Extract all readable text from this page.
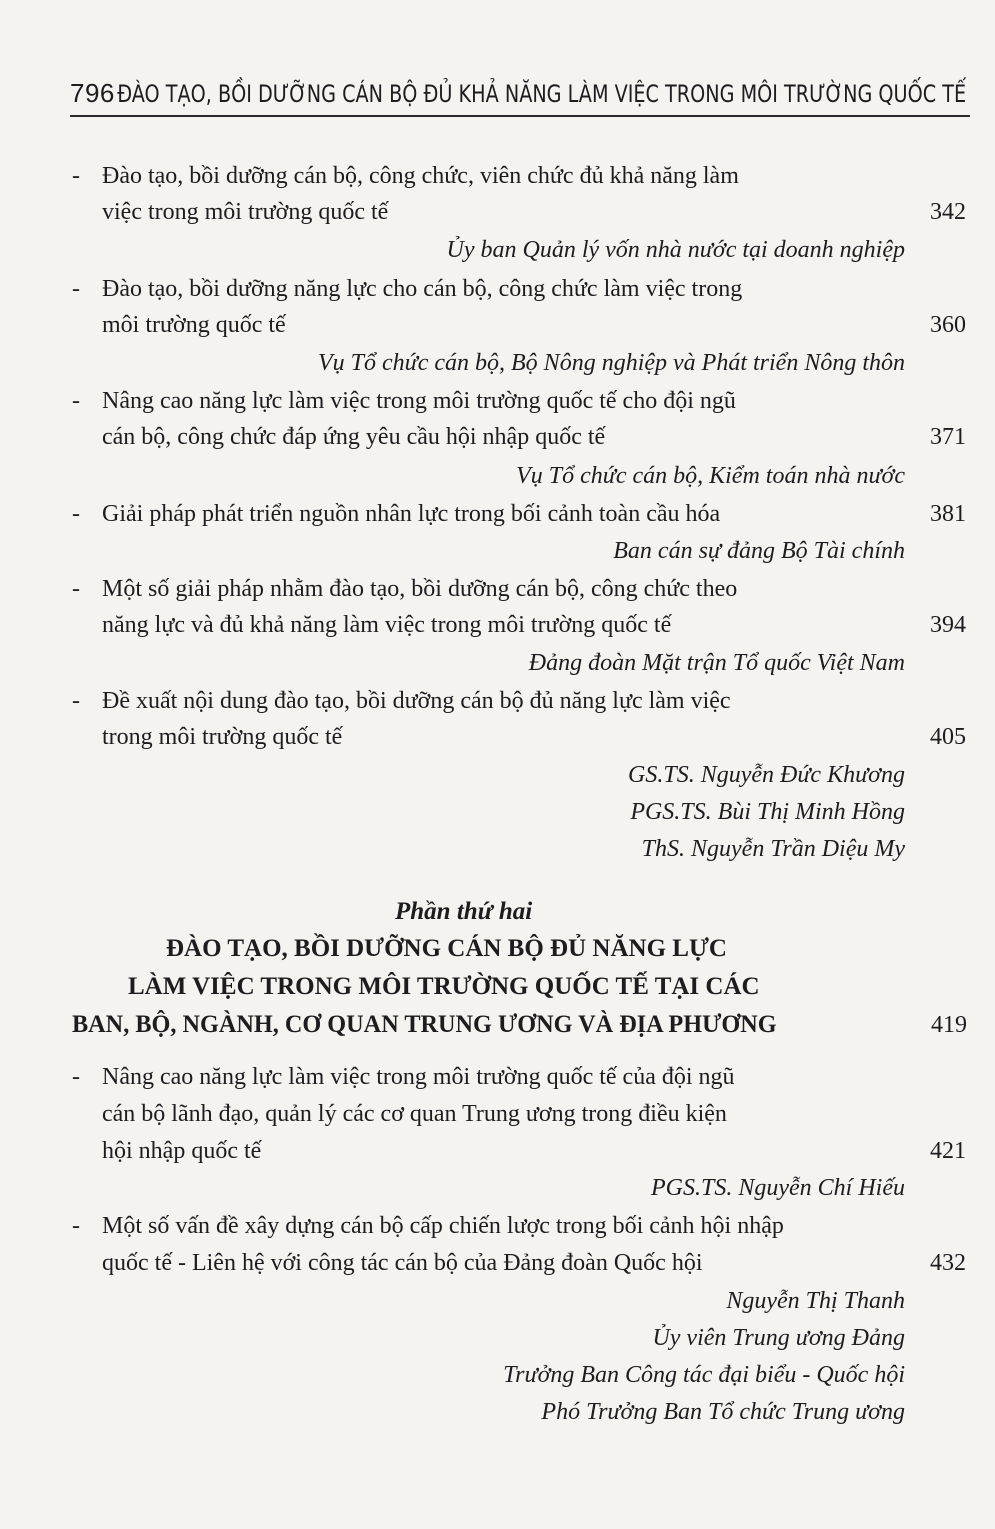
796 ĐÀO TẠO, BỒI DƯỠNG CÁN BỘ ĐỦ KHẢ NĂNG LÀM VIỆC TRONG MÔI TRƯỜNG QUỐC TẾ
- Đào tạo, bồi dưỡng cán bộ, công chức, viên chức đủ khả năng làm
việc trong môi trường quốc tế	342
Ủy ban Quản lý vốn nhà nước tại doanh nghiệp
- Đào tạo, bồi dưỡng năng lực cho cán bộ, công chức làm việc trong
môi trường quốc tế	360
Vụ Tổ chức cán bộ, Bộ Nông nghiệp và Phát triển Nông thôn
- Nâng cao năng lực làm việc trong môi trường quốc tế cho đội ngũ
cán bộ, công chức đáp ứng yêu cầu hội nhập quốc tế	371
Vụ Tổ chức cán bộ, Kiểm toán nhà nước
- Giải pháp phát triển nguồn nhân lực trong bối cảnh toàn cầu hóa	381
Ban cán sự đảng Bộ Tài chính
- Một số giải pháp nhằm đào tạo, bồi dưỡng cán bộ, công chức theo
năng lực và đủ khả năng làm việc trong môi trường quốc tế	394
Đảng đoàn Mặt trận Tổ quốc Việt Nam
- Đề xuất nội dung đào tạo, bồi dưỡng cán bộ đủ năng lực làm việc
trong môi trường quốc tế	405
GS.TS. Nguyễn Đức Khương
PGS.TS. Bùi Thị Minh Hồng
ThS. Nguyễn Trần Diệu My
Phần thứ hai
ĐÀO TẠO, BỒI DƯỠNG CÁN BỘ ĐỦ NĂNG LỰC
LÀM VIỆC TRONG MÔI TRƯỜNG QUỐC TẾ TẠI CÁC
BAN, BỘ, NGÀNH, CƠ QUAN TRUNG ƯƠNG VÀ ĐỊA PHƯƠNG	419
- Nâng cao năng lực làm việc trong môi trường quốc tế của đội ngũ
cán bộ lãnh đạo, quản lý các cơ quan Trung ương trong điều kiện
hội nhập quốc tế	421
PGS.TS. Nguyễn Chí Hiếu
- Một số vấn đề xây dựng cán bộ cấp chiến lược trong bối cảnh hội nhập
quốc tế - Liên hệ với công tác cán bộ của Đảng đoàn Quốc hội	432
Nguyễn Thị Thanh
Ủy viên Trung ương Đảng
Trưởng Ban Công tác đại biểu - Quốc hội
Phó Trưởng Ban Tổ chức Trung ương
